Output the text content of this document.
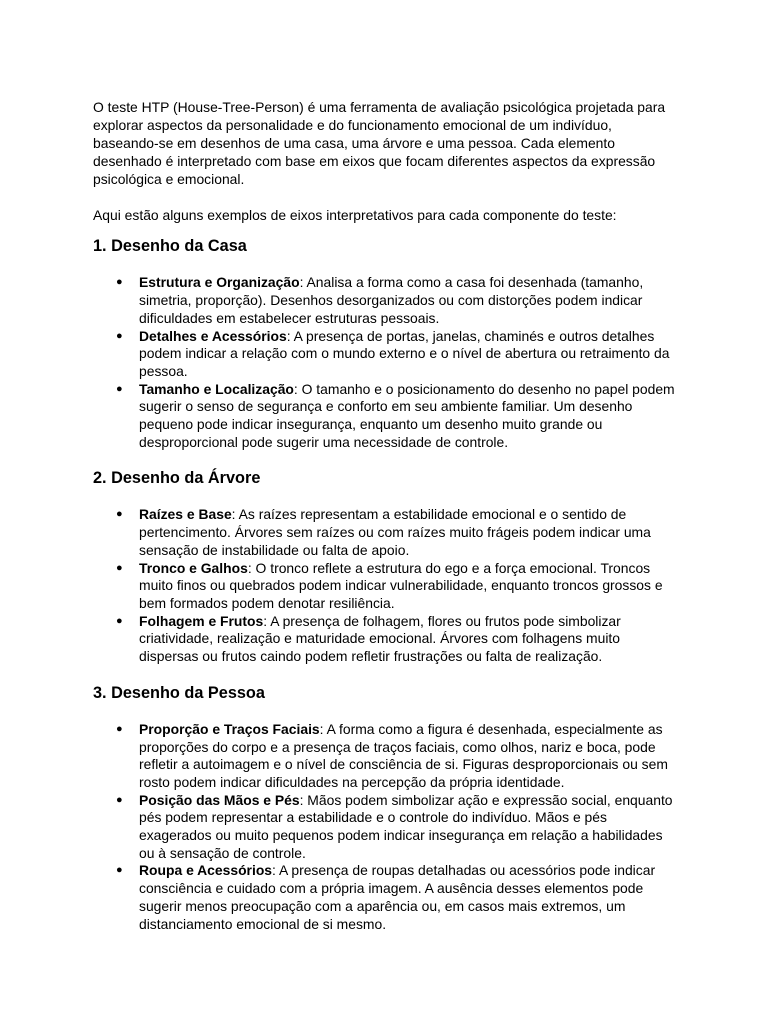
O teste HTP (House-Tree-Person) é uma ferramenta de avaliação psicológica projetada para explorar aspectos da personalidade e do funcionamento emocional de um indivíduo, baseando-se em desenhos de uma casa, uma árvore e uma pessoa. Cada elemento desenhado é interpretado com base em eixos que focam diferentes aspectos da expressão psicológica e emocional.

Aqui estão alguns exemplos de eixos interpretativos para cada componente do teste:

1. Desenho da Casa
● Estrutura e Organização: Analisa a forma como a casa foi desenhada (tamanho, simetria, proporção). Desenhos desorganizados ou com distorções podem indicar dificuldades em estabelecer estruturas pessoais.
● Detalhes e Acessórios: A presença de portas, janelas, chaminés e outros detalhes podem indicar a relação com o mundo externo e o nível de abertura ou retraimento da pessoa.
● Tamanho e Localização: O tamanho e o posicionamento do desenho no papel podem sugerir o senso de segurança e conforto em seu ambiente familiar. Um desenho pequeno pode indicar insegurança, enquanto um desenho muito grande ou desproporcional pode sugerir uma necessidade de controle.
2. Desenho da Árvore
● Raízes e Base: As raízes representam a estabilidade emocional e o sentido de pertencimento. Árvores sem raízes ou com raízes muito frágeis podem indicar uma sensação de instabilidade ou falta de apoio.
● Tronco e Galhos: O tronco reflete a estrutura do ego e a força emocional. Troncos muito finos ou quebrados podem indicar vulnerabilidade, enquanto troncos grossos e bem formados podem denotar resiliência.
● Folhagem e Frutos: A presença de folhagem, flores ou frutos pode simbolizar criatividade, realização e maturidade emocional. Árvores com folhagens muito dispersas ou frutos caindo podem refletir frustrações ou falta de realização.
3. Desenho da Pessoa
● Proporção e Traços Faciais: A forma como a figura é desenhada, especialmente as proporções do corpo e a presença de traços faciais, como olhos, nariz e boca, pode refletir a autoimagem e o nível de consciência de si. Figuras desproporcionais ou sem rosto podem indicar dificuldades na percepção da própria identidade.
● Posição das Mãos e Pés: Mãos podem simbolizar ação e expressão social, enquanto pés podem representar a estabilidade e o controle do indivíduo. Mãos e pés exagerados ou muito pequenos podem indicar insegurança em relação a habilidades ou à sensação de controle.
● Roupa e Acessórios: A presença de roupas detalhadas ou acessórios pode indicar consciência e cuidado com a própria imagem. A ausência desses elementos pode sugerir menos preocupação com a aparência ou, em casos mais extremos, um distanciamento emocional de si mesmo.
